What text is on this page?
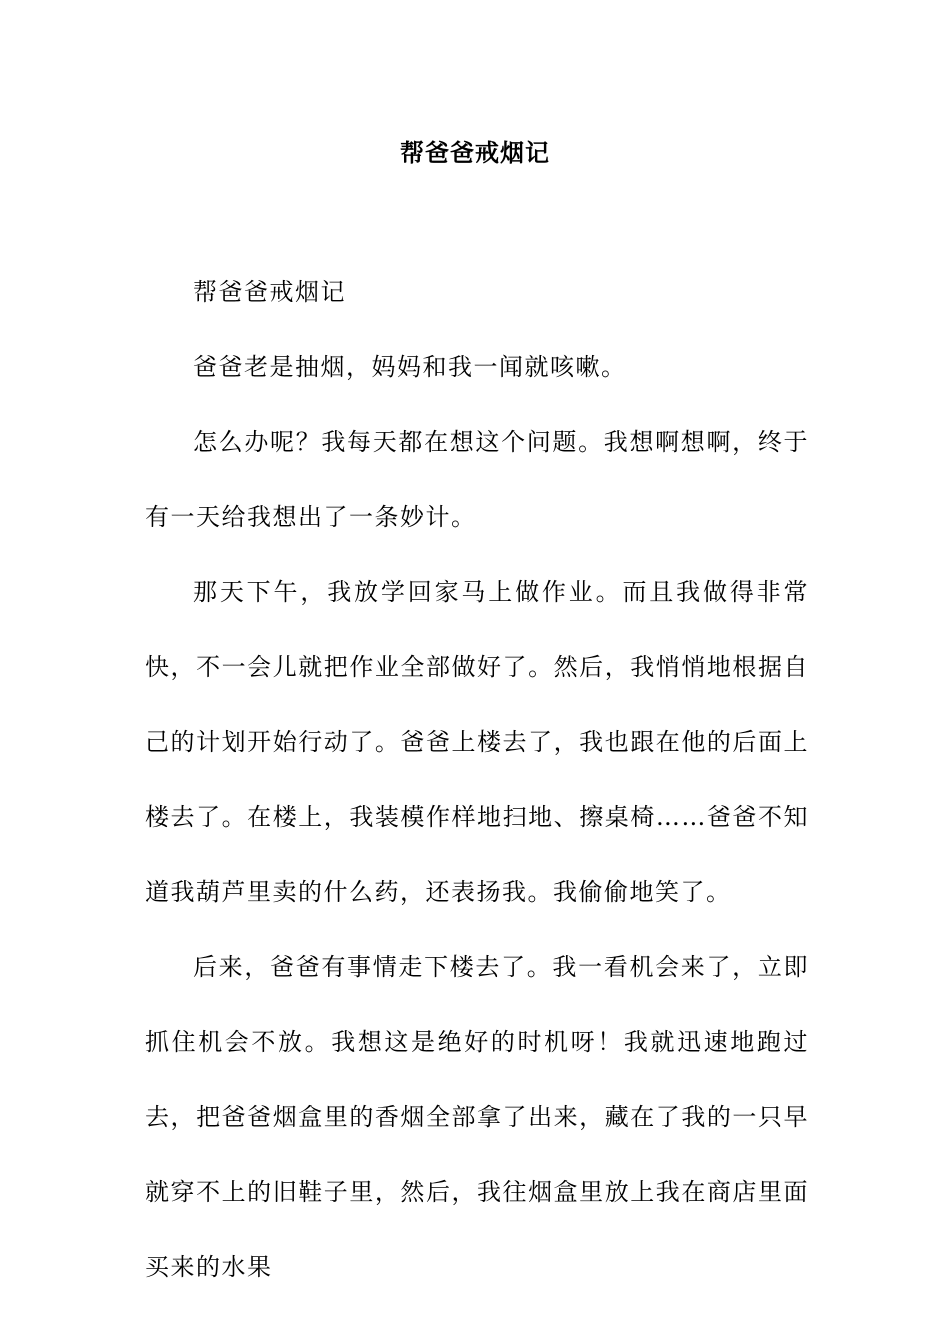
帮爸爸戒烟记

帮爸爸戒烟记

爸爸老是抽烟，妈妈和我一闻就咳嗽。

怎么办呢？我每天都在想这个问题。我想啊想啊，终于有一天给我想出了一条妙计。

那天下午，我放学回家马上做作业。而且我做得非常快，不一会儿就把作业全部做好了。然后，我悄悄地根据自己的计划开始行动了。爸爸上楼去了，我也跟在他的后面上楼去了。在楼上，我装模作样地扫地、擦桌椅……爸爸不知道我葫芦里卖的什么药，还表扬我。我偷偷地笑了。

后来，爸爸有事情走下楼去了。我一看机会来了，立即抓住机会不放。我想这是绝好的时机呀！我就迅速地跑过去，把爸爸烟盒里的香烟全部拿了出来，藏在了我的一只早就穿不上的旧鞋子里，然后，我往烟盒里放上我在商店里面买来的水果
